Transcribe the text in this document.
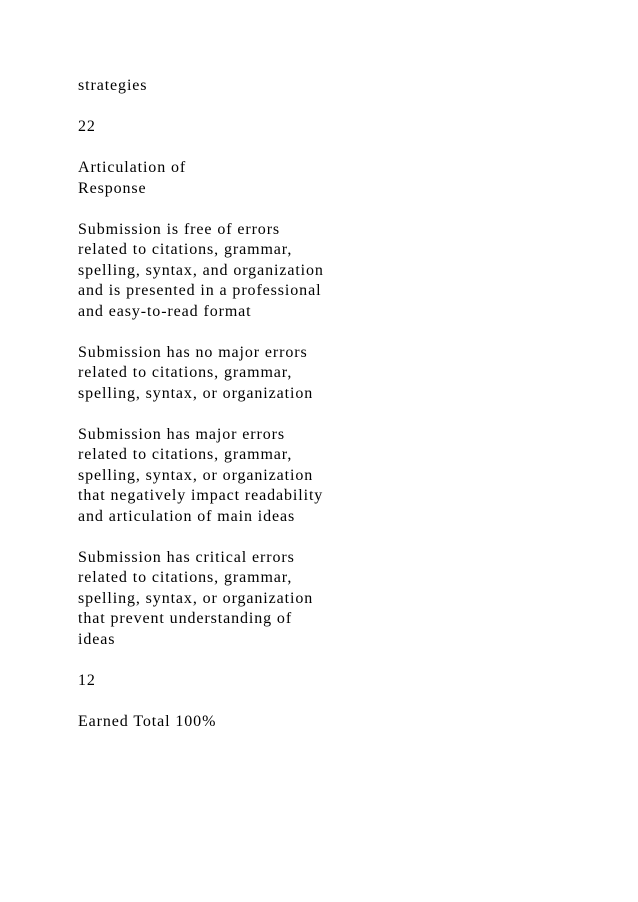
strategies

22

Articulation of
Response

Submission is free of errors
related to citations, grammar,
spelling, syntax, and organization
and is presented in a professional
and easy-to-read format

Submission has no major errors
related to citations, grammar,
spelling, syntax, or organization

Submission has major errors
related to citations, grammar,
spelling, syntax, or organization
that negatively impact readability
and articulation of main ideas

Submission has critical errors
related to citations, grammar,
spelling, syntax, or organization
that prevent understanding of
ideas

12

Earned Total 100%
